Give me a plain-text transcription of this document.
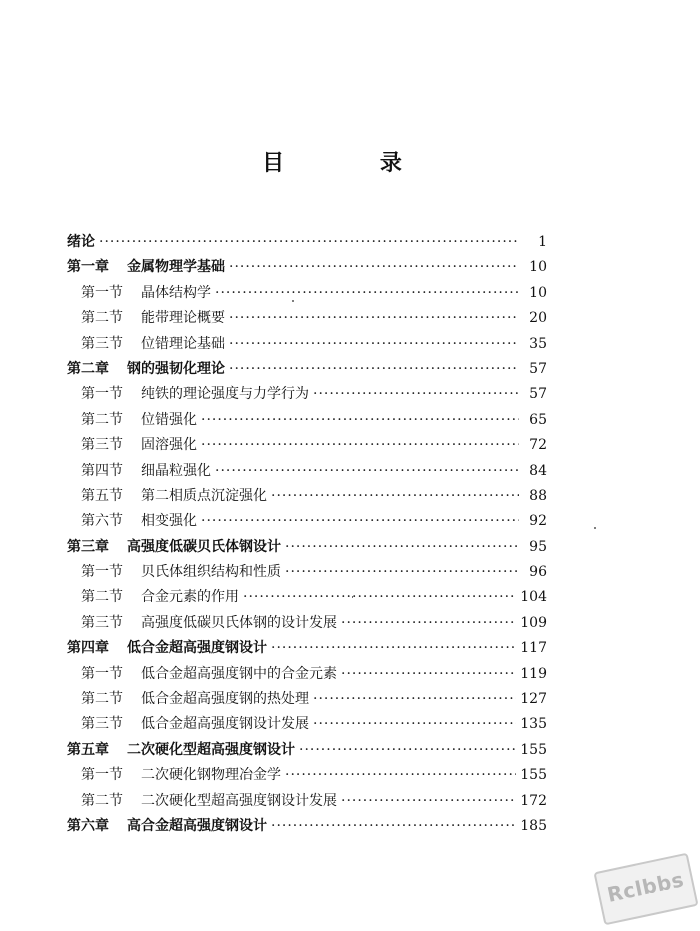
目 录
绪论 ·····	1
第一章 金属物理学基础 ·····	10
第一节 晶体结构学 ·····	10
第二节 能带理论概要 ·····	20
第三节 位错理论基础 ·····	35
第二章 钢的强韧化理论 ·····	57
第一节 纯铁的理论强度与力学行为 ·····	57
第二节 位错强化 ·····	65
第三节 固溶强化 ·····	72
第四节 细晶粒强化 ·····	84
第五节 第二相质点沉淀强化 ·····	88
第六节 相变强化 ·····	92
第三章 高强度低碳贝氏体钢设计 ·····	95
第一节 贝氏体组织结构和性质 ·····	96
第二节 合金元素的作用 ·····	104
第三节 高强度低碳贝氏体钢的设计发展 ·····	109
第四章 低合金超高强度钢设计 ·····	117
第一节 低合金超高强度钢中的合金元素 ·····	119
第二节 低合金超高强度钢的热处理 ·····	127
第三节 低合金超高强度钢设计发展 ·····	135
第五章 二次硬化型超高强度钢设计 ·····	155
第一节 二次硬化钢物理冶金学 ·····	155
第二节 二次硬化型超高强度钢设计发展 ·····	172
第六章 高合金超高强度钢设计 ·····	185
Rclbbs
